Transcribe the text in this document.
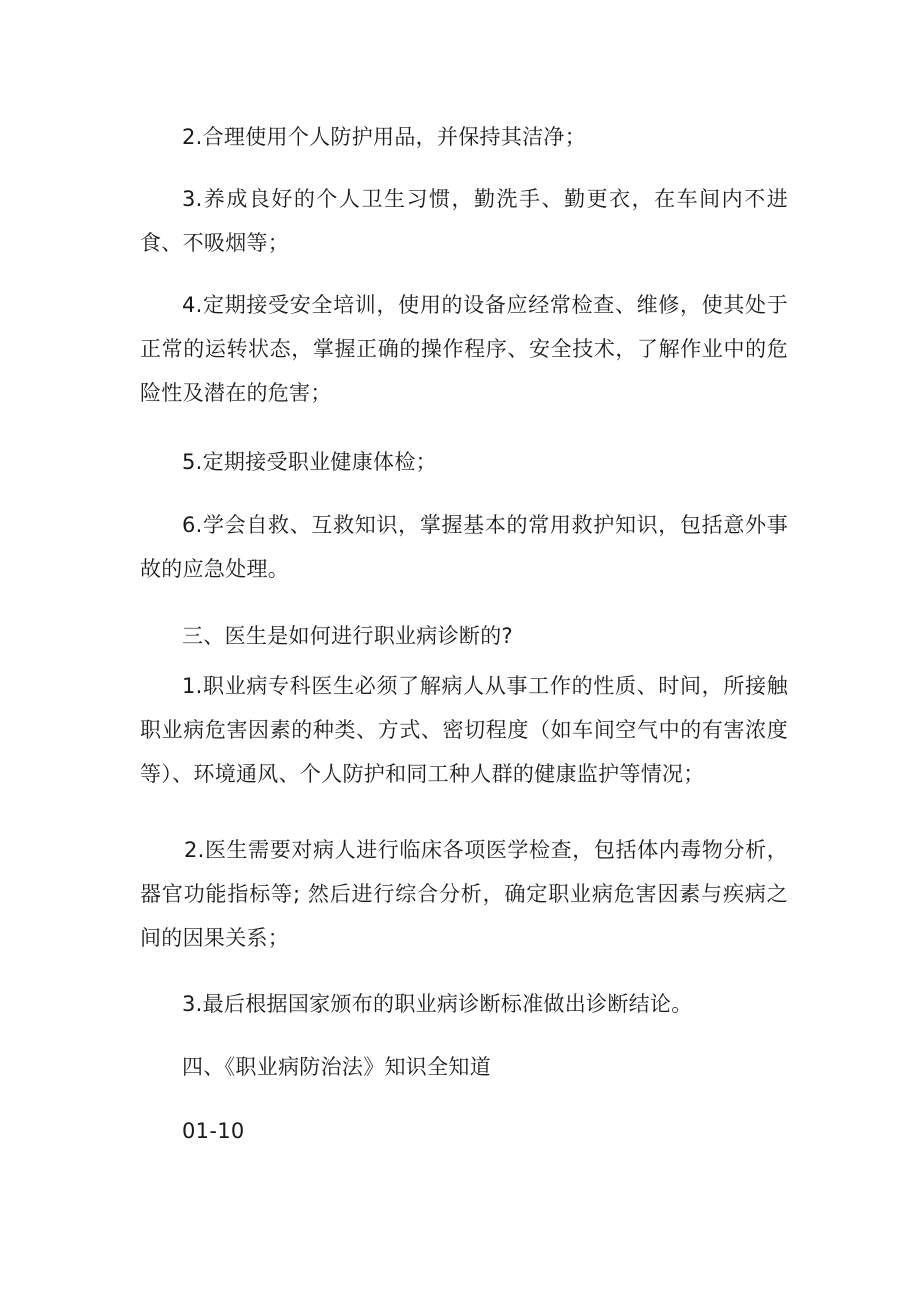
2.合理使用个人防护用品，并保持其洁净；

3.养成良好的个人卫生习惯，勤洗手、勤更衣，在车间内不进食、不吸烟等；

4.定期接受安全培训，使用的设备应经常检查、维修，使其处于正常的运转状态，掌握正确的操作程序、安全技术，了解作业中的危险性及潜在的危害；

5.定期接受职业健康体检；

6.学会自救、互救知识，掌握基本的常用救护知识，包括意外事故的应急处理。

三、医生是如何进行职业病诊断的?

1.职业病专科医生必须了解病人从事工作的性质、时间，所接触职业病危害因素的种类、方式、密切程度（如车间空气中的有害浓度等）、环境通风、个人防护和同工种人群的健康监护等情况；

2.医生需要对病人进行临床各项医学检查，包括体内毒物分析，器官功能指标等; 然后进行综合分析，确定职业病危害因素与疾病之间的因果关系；

3.最后根据国家颁布的职业病诊断标准做出诊断结论。

四、《职业病防治法》知识全知道

01-10
